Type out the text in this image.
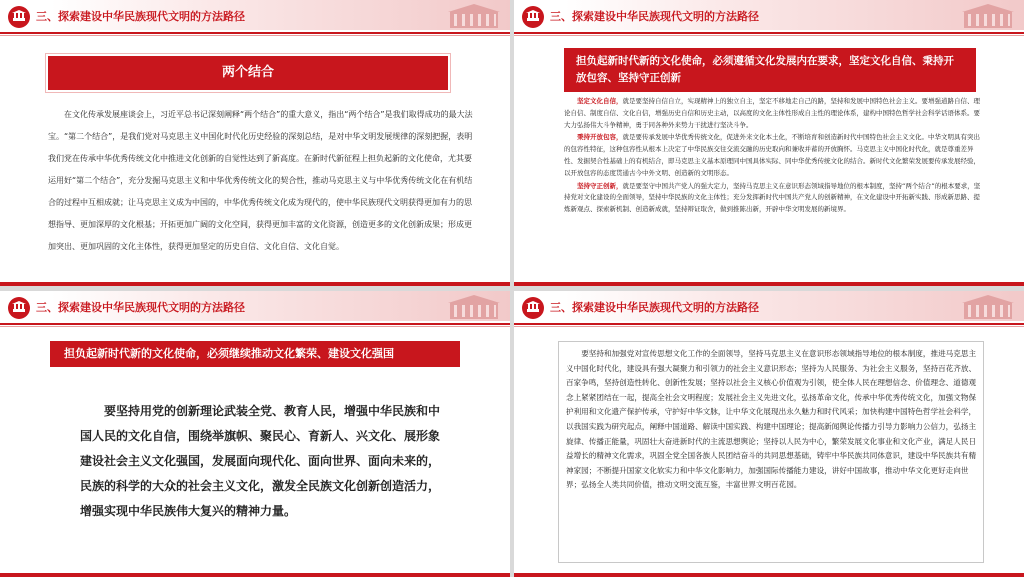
三、探索建设中华民族现代文明的方法路径
两个结合
在文化传承发展座谈会上，习近平总书记深刻阐释“两个结合”的重大意义，指出“两个结合”是我们取得成功的最大法宝。“第二个结合”，是我们党对马克思主义中国化时代化历史经验的深刻总结，是对中华文明发展规律的深刻把握，表明我们党在传承中华优秀传统文化中推进文化创新的自觉性达到了新高度。在新时代新征程上担负起新的文化使命，尤其要运用好“第二个结合”，充分发掘马克思主义和中华优秀传统文化的契合性，推动马克思主义与中华优秀传统文化在有机结合的过程中互相成就；让马克思主义成为中国的，中华优秀传统文化成为现代的，使中华民族现代文明获得更加有力的思想指导、更加深厚的文化根基；开拓更加广阔的文化空间，获得更加丰富的文化资源，创造更多的文化创新成果；形成更加突出、更加巩固的文化主体性，获得更加坚定的历史自信、文化自信、文化自觉。
三、探索建设中华民族现代文明的方法路径
担负起新时代新的文化使命，必须遵循文化发展内在要求，坚定文化自信、秉持开放包容、坚持守正创新

坚定文化自信，就是要坚持自信自立，实现精神上的独立自主，坚定不移地走自己的路，坚持和发展中国特色社会主义。要增强道路自信、理论自信、制度自信、文化自信，增强历史自信和历史主动，以高度的文化主体性形成自主性的理论体系，建构中国特色哲学社会科学话语体系。要大力弘扬伟大斗争精神，勇于同各种外来势力干扰进行坚决斗争。

秉持开放包容，就是要传承发展中华优秀传统文化，促进外来文化本土化，不断培育和创造新时代中国特色社会主义文化。中华文明具有突出的包容性特征，这种包容性从根本上决定了中华民族交往交流交融的历史取向和兼收并蓄的开放胸怀。马克思主义中国化时代化，就是尊重差异性、发掘契合性基础上的有机结合，即马克思主义基本原理同中国具体实际、同中华优秀传统文化的结合。新时代文化繁荣发展要传承发展经验，以开放包容的态度贯通古今中外文明、创造新的文明形态。

坚持守正创新，就是要坚守中国共产党人的强大定力，坚持马克思主义在意识形态领域指导地位的根本制度，坚持“两个结合”的根本要求，坚持党对文化建设的全面领导，坚持中华民族的文化主体性；充分发挥新时代中国共产党人的创新精神，在文化建设中开拓新实践、形成新思路、提炼新观点、探索新机制、创造新成就，坚持辩证取舍，做到推陈出新，开辟中华文明发展的新境界。

三、探索建设中华民族现代文明的方法路径
担负起新时代新的文化使命，必须继续推动文化繁荣、建设文化强国
要坚持用党的创新理论武装全党、教育人民，增强中华民族和中国人民的文化自信，围绕举旗帜、聚民心、育新人、兴文化、展形象建设社会主义文化强国，发展面向现代化、面向世界、面向未来的，民族的科学的大众的社会主义文化，激发全民族文化创新创造活力，增强实现中华民族伟大复兴的精神力量。
三、探索建设中华民族现代文明的方法路径
要坚持和加强党对宣传思想文化工作的全面领导，坚持马克思主义在意识形态领域指导地位的根本制度，推进马克思主义中国化时代化，建设具有强大凝聚力和引领力的社会主义意识形态；坚持为人民服务、为社会主义服务，坚持百花齐放、百家争鸣，坚持创造性转化、创新性发展；坚持以社会主义核心价值观为引领，使全体人民在理想信念、价值理念、道德观念上紧紧团结在一起，提高全社会文明程度；发展社会主义先进文化，弘扬革命文化，传承中华优秀传统文化，加强文物保护利用和文化遗产保护传承，守护好中华文脉，让中华文化展现出永久魅力和时代风采；加快构建中国特色哲学社会科学，以我国实践为研究起点，阐释中国道路、解读中国实践、构建中国理论；提高新闻舆论传播力引导力影响力公信力，弘扬主旋律、传播正能量，巩固壮大奋进新时代的主流思想舆论；坚持以人民为中心，繁荣发展文化事业和文化产业，满足人民日益增长的精神文化需求，巩固全党全国各族人民团结奋斗的共同思想基础，铸牢中华民族共同体意识，建设中华民族共有精神家园；不断提升国家文化软实力和中华文化影响力，加强国际传播能力建设，讲好中国故事，推动中华文化更好走向世界；弘扬全人类共同价值，推动文明交流互鉴，丰富世界文明百花园。
